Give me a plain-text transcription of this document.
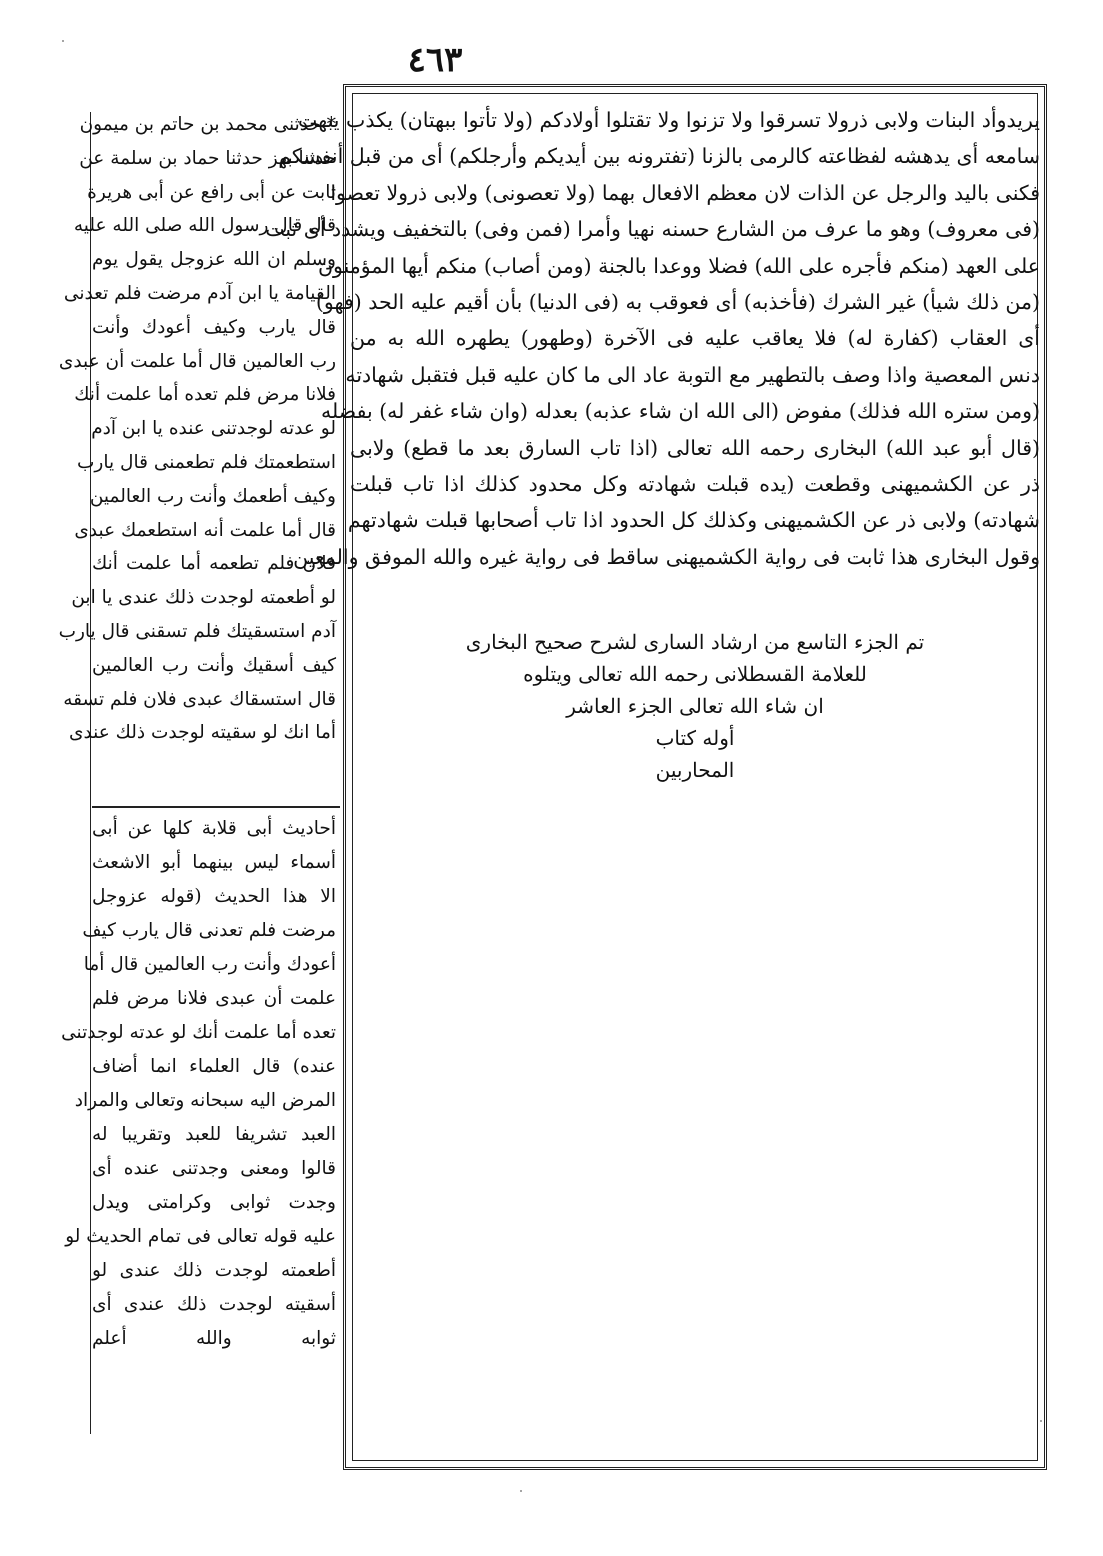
٤٦٣
يريدوأد البنات ولابى ذرولا تسرقوا ولا تزنوا ولا تقتلوا أولادكم (ولا تأتوا ببهتان) يكذب يبهت
سامعه أى يدهشه لفظاعته كالرمى بالزنا (تفترونه بين أيديكم وأرجلكم) أى من قبل أنفسكم
فكنى باليد والرجل عن الذات لان معظم الافعال بهما (ولا تعصونى) ولابى ذرولا تعصوا
(فى معروف) وهو ما عرف من الشارع حسنه نهيا وأمرا (فمن وفى) بالتخفيف ويشدد أى ثبت
على العهد (منكم فأجره على الله) فضلا ووعدا بالجنة (ومن أصاب) منكم أيها المؤمنون
(من ذلك شيأ) غير الشرك (فأخذبه) أى فعوقب به (فى الدنيا) بأن أقيم عليه الحد (فهو)
أى العقاب (كفارة له) فلا يعاقب عليه فى الآخرة (وطهور) يطهره الله به من
دنس المعصية واذا وصف بالتطهير مع التوبة عاد الى ما كان عليه قبل فتقبل شهادته
(ومن ستره الله فذلك) مفوض (الى الله ان شاء عذبه) بعدله (وان شاء غفر له) بفضله
(قال أبو عبد الله) البخارى رحمه الله تعالى (اذا تاب السارق بعد ما قطع) ولابى
ذر عن الكشميهنى وقطعت (يده قبلت شهادته وكل محدود كذلك اذا تاب قبلت
شهادته) ولابى ذر عن الكشميهنى وكذلك كل الحدود اذا تاب أصحابها قبلت شهادتهم
وقول البخارى هذا ثابت فى رواية الكشميهنى ساقط فى رواية غيره والله الموفق والمعين
تم الجزء التاسع من ارشاد السارى لشرح صحيح البخارى
للعلامة القسطلانى رحمه الله تعالى ويتلوه
ان شاء الله تعالى الجزء العاشر
أوله كتاب
المحاربين
* حدثنى محمد بن حاتم بن ميمون
حدثنا بهز حدثنا حماد بن سلمة عن
ثابت عن أبى رافع عن أبى هريرة
قال قال رسول الله صلى الله عليه
وسلم ان الله عزوجل يقول يوم
القيامة يا ابن آدم مرضت فلم تعدنى
قال يارب وكيف أعودك وأنت
رب العالمين قال أما علمت أن عبدى
فلانا مرض فلم تعده أما علمت أنك
لو عدته لوجدتنى عنده يا ابن آدم
استطعمتك فلم تطعمنى قال يارب
وكيف أطعمك وأنت رب العالمين
قال أما علمت أنه استطعمك عبدى
فلان فلم تطعمه أما علمت أنك
لو أطعمته لوجدت ذلك عندى يا ابن
آدم استسقيتك فلم تسقنى قال يارب
كيف أسقيك وأنت رب العالمين
قال استسقاك عبدى فلان فلم تسقه
أما انك لو سقيته لوجدت ذلك عندى
أحاديث أبى قلابة كلها عن أبى
أسماء ليس بينهما أبو الاشعث
الا هذا الحديث (قوله عزوجل
مرضت فلم تعدنى قال يارب كيف
أعودك وأنت رب العالمين قال أما
علمت أن عبدى فلانا مرض فلم
تعده أما علمت أنك لو عدته لوجدتنى
عنده) قال العلماء انما أضاف
المرض اليه سبحانه وتعالى والمراد
العبد تشريفا للعبد وتقريبا له
قالوا ومعنى وجدتنى عنده أى
وجدت ثوابى وكرامتى ويدل
عليه قوله تعالى فى تمام الحديث لو
أطعمته لوجدت ذلك عندى لو
أسقيته لوجدت ذلك عندى أى
ثوابه والله أعلم
